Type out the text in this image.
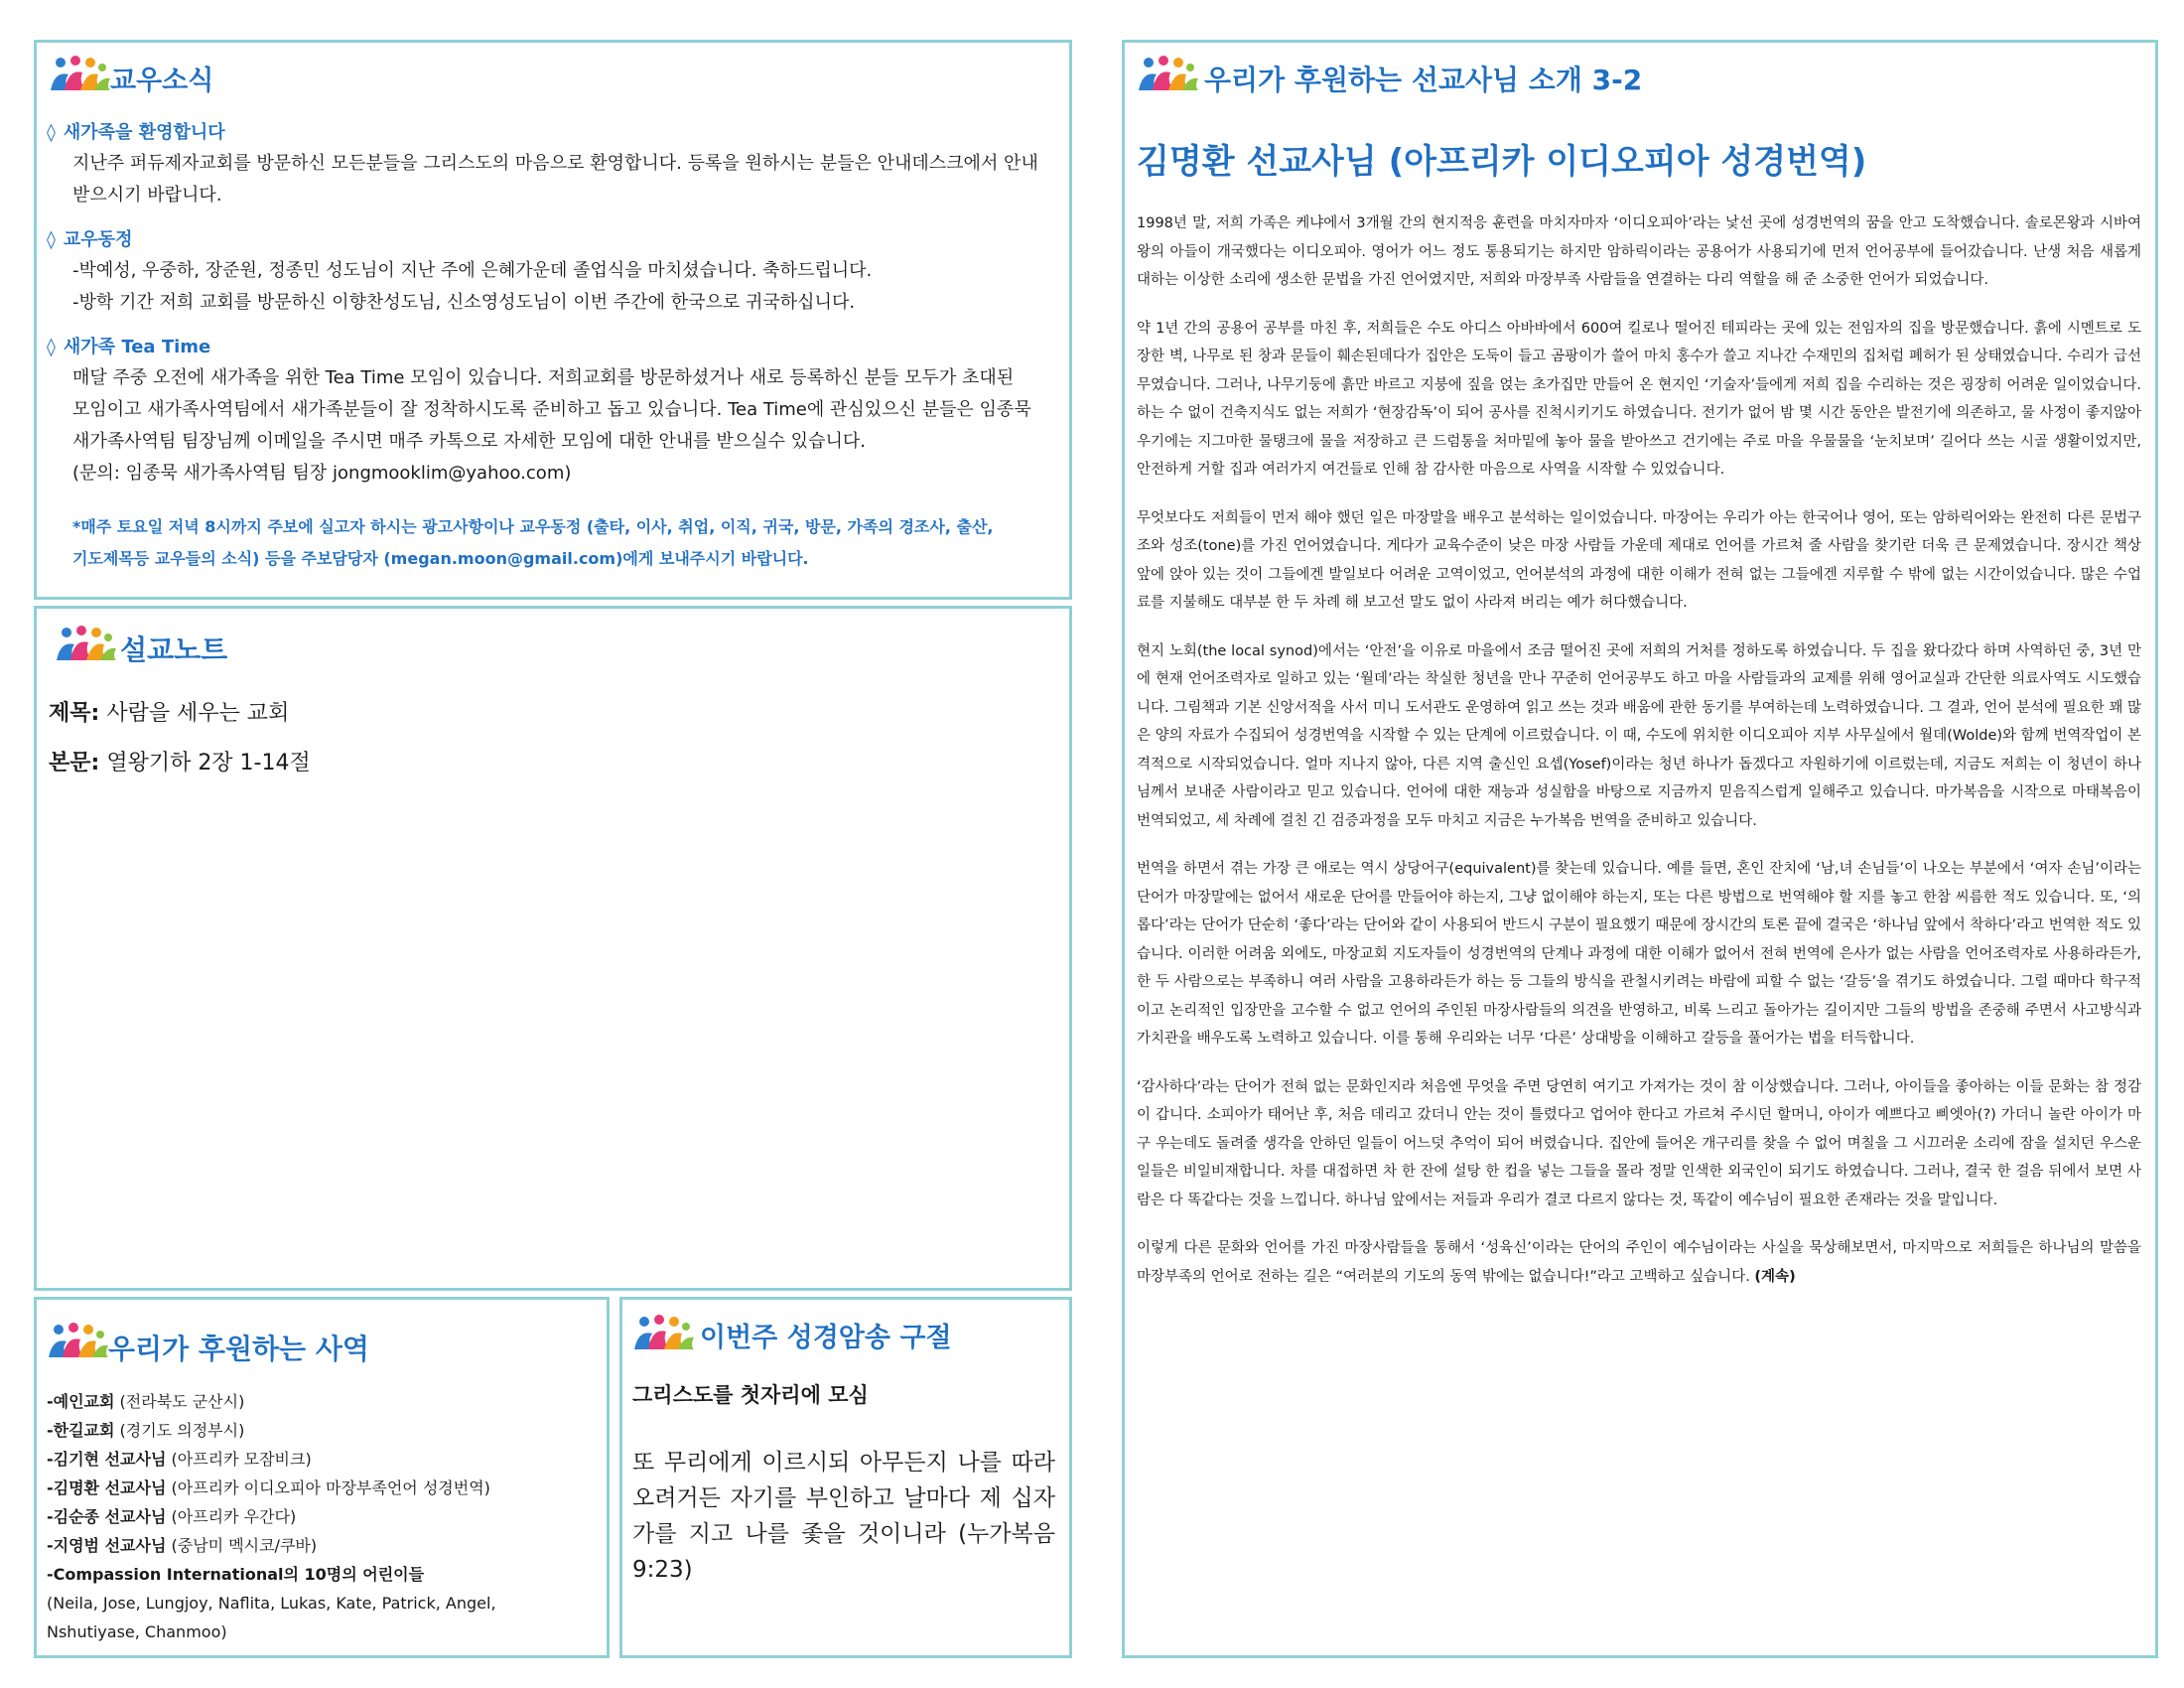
교우소식
◊ 새가족을 환영합니다
지난주 퍼듀제자교회를 방문하신 모든분들을 그리스도의 마음으로 환영합니다. 등록을 원하시는 분들은 안내데스크에서 안내
받으시기 바랍니다.
◊ 교우동정
-박예성, 우중하, 장준원, 정종민 성도님이 지난 주에 은혜가운데 졸업식을 마치셨습니다. 축하드립니다.
-방학 기간 저희 교회를 방문하신 이향찬성도님, 신소영성도님이 이번 주간에 한국으로 귀국하십니다.
◊ 새가족 Tea Time
매달 주중 오전에 새가족을 위한 Tea Time 모임이 있습니다. 저희교회를 방문하셨거나 새로 등록하신 분들 모두가 초대된
모임이고 새가족사역팀에서 새가족분들이 잘 정착하시도록 준비하고 돕고 있습니다. Tea Time에 관심있으신 분들은 임종묵
새가족사역팀 팀장님께 이메일을 주시면 매주 카톡으로 자세한 모임에 대한 안내를 받으실수 있습니다.
(문의: 임종묵 새가족사역팀 팀장 jongmooklim@yahoo.com)
*매주 토요일 저녁 8시까지 주보에 실고자 하시는 광고사항이나 교우동정 (출타, 이사, 취업, 이직, 귀국, 방문, 가족의 경조사, 출산,
기도제목등 교우들의 소식) 등을 주보담당자 (megan.moon@gmail.com)에게 보내주시기 바랍니다.
설교노트
제목: 사람을 세우는 교회
본문: 열왕기하 2장 1-14절
우리가 후원하는 사역
-예인교회 (전라북도 군산시)
-한길교회 (경기도 의정부시)
-김기현 선교사님 (아프리카 모잠비크)
-김명환 선교사님 (아프리카 이디오피아 마장부족언어 성경번역)
-김순종 선교사님 (아프리카 우간다)
-지영범 선교사님 (중남미 멕시코/쿠바)
-Compassion International의 10명의 어린이들
(Neila, Jose, Lungjoy, Naflita, Lukas, Kate, Patrick, Angel,
Nshutiyase, Chanmoo)
이번주 성경암송 구절
그리스도를 첫자리에 모심
또 무리에게 이르시되 아무든지 나를 따라오려거든 자기를 부인하고 날마다 제 십자가를 지고 나를 좇을 것이니라 (누가복음 9:23)
우리가 후원하는 선교사님 소개 3-2
김명환 선교사님 (아프리카 이디오피아 성경번역)

1998년 말, 저희 가족은 케냐에서 3개월 간의 현지적응 훈련을 마치자마자 ‘이디오피아’라는 낯선 곳에 성경번역의 꿈을 안고 도착했습니다. 솔로몬왕과 시바여왕의 아들이 개국했다는 이디오피아. 영어가 어느 정도 통용되기는 하지만 암하릭이라는 공용어가 사용되기에 먼저 언어공부에 들어갔습니다. 난생 처음 새롭게 대하는 이상한 소리에 생소한 문법을 가진 언어였지만, 저희와 마장부족 사람들을 연결하는 다리 역할을 해 준 소중한 언어가 되었습니다.

약 1년 간의 공용어 공부를 마친 후, 저희들은 수도 아디스 아바바에서 600여 킬로나 떨어진 테피라는 곳에 있는 전임자의 집을 방문했습니다. 흙에 시멘트로 도장한 벽, 나무로 된 창과 문들이 훼손된데다가 집안은 도둑이 들고 곰팡이가 쓸어 마치 홍수가 쓸고 지나간 수재민의 집처럼 폐허가 된 상태였습니다. 수리가 급선무였습니다. 그러나, 나무기둥에 흙만 바르고 지붕에 짚을 얹는 초가집만 만들어 온 현지인 ‘기술자’들에게 저희 집을 수리하는 것은 굉장히 어려운 일이었습니다. 하는 수 없이 건축지식도 없는 저희가 ‘현장감독’이 되어 공사를 진척시키기도 하였습니다. 전기가 없어 밤 몇 시간 동안은 발전기에 의존하고, 물 사정이 좋지않아 우기에는 지그마한 물탱크에 물을 저장하고 큰 드럼통을 처마밑에 놓아 물을 받아쓰고 건기에는 주로 마을 우물물을 ‘눈치보며’ 길어다 쓰는 시골 생활이었지만, 안전하게 거할 집과 여러가지 여건들로 인해 참 감사한 마음으로 사역을 시작할 수 있었습니다.

무엇보다도 저희들이 먼저 해야 했던 일은 마장말을 배우고 분석하는 일이었습니다. 마장어는 우리가 아는 한국어나 영어, 또는 암하릭어와는 완전히 다른 문법구조와 성조(tone)를 가진 언어였습니다. 게다가 교육수준이 낮은 마장 사람들 가운데 제대로 언어를 가르쳐 줄 사람을 찾기란 더욱 큰 문제였습니다. 장시간 책상 앞에 앉아 있는 것이 그들에겐 발일보다 어려운 고역이었고, 언어분석의 과정에 대한 이해가 전혀 없는 그들에겐 지루할 수 밖에 없는 시간이었습니다. 많은 수업료를 지불해도 대부분 한 두 차례 해 보고선 말도 없이 사라져 버리는 예가 허다했습니다.

현지 노회(the local synod)에서는 ‘안전’을 이유로 마을에서 조금 떨어진 곳에 저희의 거처를 정하도록 하였습니다. 두 집을 왔다갔다 하며 사역하던 중, 3년 만에 현재 언어조력자로 일하고 있는 ‘월데’라는 착실한 청년을 만나 꾸준히 언어공부도 하고 마을 사람들과의 교제를 위해 영어교실과 간단한 의료사역도 시도했습니다. 그림책과 기본 신앙서적을 사서 미니 도서관도 운영하여 읽고 쓰는 것과 배움에 관한 동기를 부여하는데 노력하였습니다. 그 결과, 언어 분석에 필요한 꽤 많은 양의 자료가 수집되어 성경번역을 시작할 수 있는 단계에 이르렀습니다. 이 때, 수도에 위치한 이디오피아 지부 사무실에서 월데(Wolde)와 함께 번역작업이 본격적으로 시작되었습니다. 얼마 지나지 않아, 다른 지역 출신인 요셉(Yosef)이라는 청년 하나가 돕겠다고 자원하기에 이르렀는데, 지금도 저희는 이 청년이 하나님께서 보내준 사람이라고 믿고 있습니다. 언어에 대한 재능과 성실함을 바탕으로 지금까지 믿음직스럽게 일해주고 있습니다. 마가복음을 시작으로 마태복음이 번역되었고, 세 차례에 걸친 긴 검증과정을 모두 마치고 지금은 누가복음 번역을 준비하고 있습니다.

번역을 하면서 겪는 가장 큰 애로는 역시 상당어구(equivalent)를 찾는데 있습니다. 예를 들면, 혼인 잔치에 ‘남,녀 손님들’이 나오는 부분에서 ‘여자 손님’이라는 단어가 마장말에는 없어서 새로운 단어를 만들어야 하는지, 그냥 없이해야 하는지, 또는 다른 방법으로 번역해야 할 지를 놓고 한참 씨름한 적도 있습니다. 또, ‘의롭다’라는 단어가 단순히 ‘좋다’라는 단어와 같이 사용되어 반드시 구분이 필요했기 때문에 장시간의 토론 끝에 결국은 ‘하나님 앞에서 착하다’라고 번역한 적도 있습니다. 이러한 어려움 외에도, 마장교회 지도자들이 성경번역의 단계나 과정에 대한 이해가 없어서 전혀 번역에 은사가 없는 사람을 언어조력자로 사용하라든가, 한 두 사람으로는 부족하니 여러 사람을 고용하라든가 하는 등 그들의 방식을 관철시키려는 바람에 피할 수 없는 ‘갈등’을 겪기도 하였습니다. 그럴 때마다 학구적이고 논리적인 입장만을 고수할 수 없고 언어의 주인된 마장사람들의 의견을 반영하고, 비록 느리고 돌아가는 길이지만 그들의 방법을 존중해 주면서 사고방식과 가치관을 배우도록 노력하고 있습니다. 이를 통해 우리와는 너무 ‘다른’ 상대방을 이해하고 갈등을 풀어가는 법을 터득합니다.

‘감사하다’라는 단어가 전혀 없는 문화인지라 처음엔 무엇을 주면 당연히 여기고 가져가는 것이 참 이상했습니다. 그러나, 아이들을 좋아하는 이들 문화는 참 정감이 갑니다. 소피아가 태어난 후, 처음 데리고 갔더니 안는 것이 틀렸다고 업어야 한다고 가르쳐 주시던 할머니, 아이가 예쁘다고 삐엣아(?) 가더니 놀란 아이가 마구 우는데도 돌려줄 생각을 안하던 일들이 어느덧 추억이 되어 버렸습니다. 집안에 들어온 개구리를 찾을 수 없어 며칠을 그 시끄러운 소리에 잠을 설치던 우스운 일들은 비일비재합니다. 차를 대접하면 차 한 잔에 설탕 한 컵을 넣는 그들을 몰라 정말 인색한 외국인이 되기도 하였습니다. 그러나, 결국 한 걸음 뒤에서 보면 사람은 다 똑같다는 것을 느낍니다. 하나님 앞에서는 저들과 우리가 결코 다르지 않다는 것, 똑같이 예수님이 필요한 존재라는 것을 말입니다.

이렇게 다른 문화와 언어를 가진 마장사람들을 통해서 ‘성육신’이라는 단어의 주인이 예수님이라는 사실을 묵상해보면서, 마지막으로 저희들은 하나님의 말씀을 마장부족의 언어로 전하는 길은 “여러분의 기도의 동역 밖에는 없습니다!”라고 고백하고 싶습니다. (계속)
